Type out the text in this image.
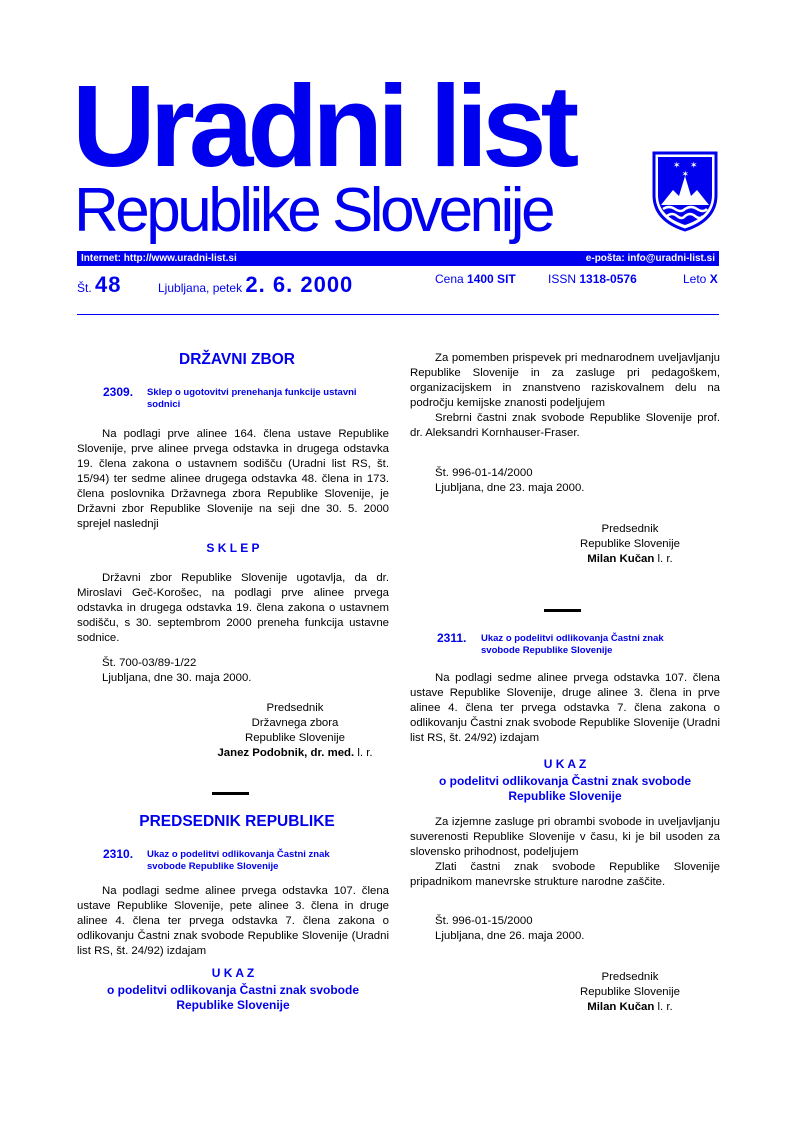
Uradni list
Republike Slovenije
✶ ✶
✶
Internet: http://www.uradni-list.si	e-pošta: info@uradni-list.si
Št. 48	Ljubljana, petek 2. 6. 2000	Cena 1400 SIT	ISSN 1318-0576	Leto X
DRŽAVNI ZBOR
2309. Sklep o ugotovitvi prenehanja funkcije ustavni
sodnici
Na podlagi prve alinee 164. člena ustave Republike Slovenije, prve alinee prvega odstavka in drugega odstavka 19. člena zakona o ustavnem sodišču (Uradni list RS, št. 15/94) ter sedme alinee drugega odstavka 48. člena in 173. člena poslovnika Državnega zbora Republike Slovenije, je Državni zbor Republike Slovenije na seji dne 30. 5. 2000 sprejel naslednji
S K L E P
Državni zbor Republike Slovenije ugotavlja, da dr. Miroslavi Geč-Korošec, na podlagi prve alinee prvega odstavka in drugega odstavka 19. člena zakona o ustavnem sodišču, s 30. septembrom 2000 preneha funkcija ustavne sodnice.
Št. 700-03/89-1/22
Ljubljana, dne 30. maja 2000.
Predsednik
Državnega zbora
Republike Slovenije
Janez Podobnik, dr. med. l. r.
PREDSEDNIK REPUBLIKE
2310. Ukaz o podelitvi odlikovanja Častni znak
svobode Republike Slovenije
Na podlagi sedme alinee prvega odstavka 107. člena ustave Republike Slovenije, pete alinee 3. člena in druge alinee 4. člena ter prvega odstavka 7. člena zakona o odlikovanju Častni znak svobode Republike Slovenije (Uradni list RS, št. 24/92) izdajam
U K A Z
o podelitvi odlikovanja Častni znak svobode
Republike Slovenije
Za pomemben prispevek pri mednarodnem uveljavljanju Republike Slovenije in za zasluge pri pedagoškem, organizacijskem in znanstveno raziskovalnem delu na področju kemijske znanosti podeljujem
Srebrni častni znak svobode Republike Slovenije prof. dr. Aleksandri Kornhauser-Fraser.
Št. 996-01-14/2000
Ljubljana, dne 23. maja 2000.
Predsednik
Republike Slovenije
Milan Kučan l. r.
2311. Ukaz o podelitvi odlikovanja Častni znak
svobode Republike Slovenije
Na podlagi sedme alinee prvega odstavka 107. člena ustave Republike Slovenije, druge alinee 3. člena in prve alinee 4. člena ter prvega odstavka 7. člena zakona o odlikovanju Častni znak svobode Republike Slovenije (Uradni list RS, št. 24/92) izdajam
U K A Z
o podelitvi odlikovanja Častni znak svobode
Republike Slovenije
Za izjemne zasluge pri obrambi svobode in uveljavljanju suverenosti Republike Slovenije v času, ki je bil usoden za slovensko prihodnost, podeljujem
Zlati častni znak svobode Republike Slovenije pripadnikom manevrske strukture narodne zaščite.
Št. 996-01-15/2000
Ljubljana, dne 26. maja 2000.
Predsednik
Republike Slovenije
Milan Kučan l. r.
